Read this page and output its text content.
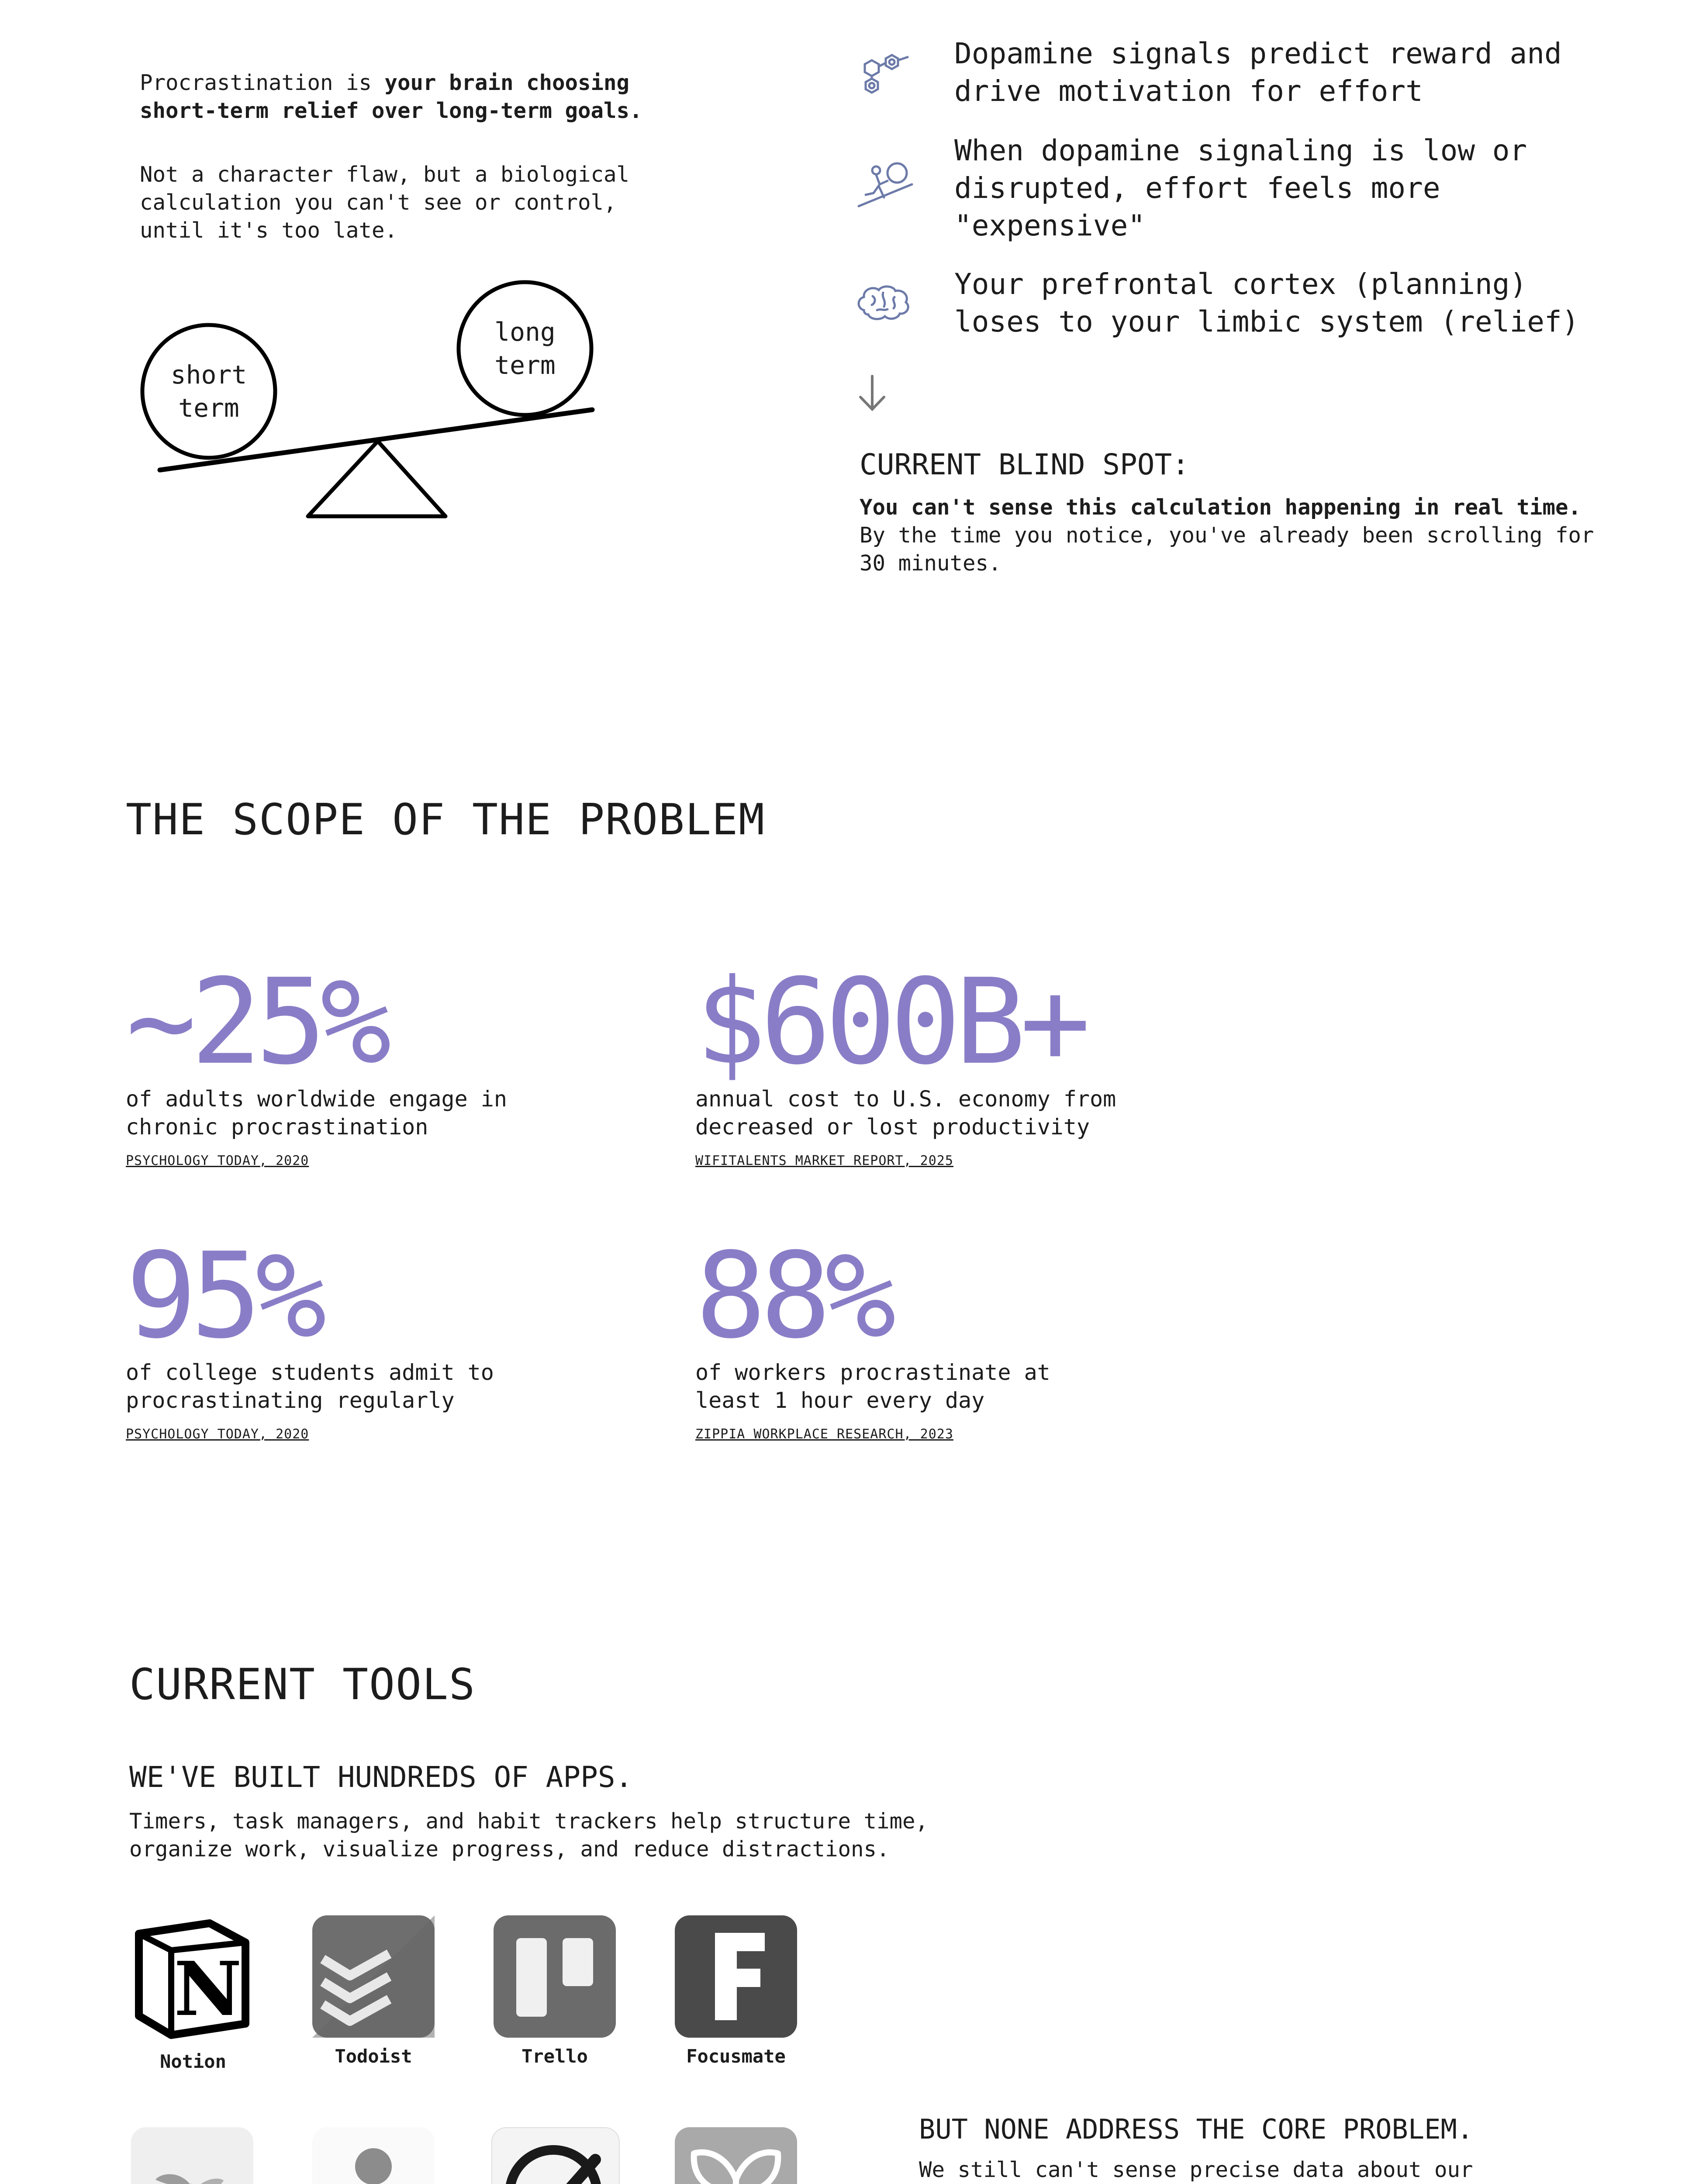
Procrastination is your brain choosing short-term relief over long-term goals.
Not a character flaw, but a biological calculation you can't see or control, until it's too late.
short term
long term
Dopamine signals predict reward and drive motivation for effort
When dopamine signaling is low or disrupted, effort feels more "expensive"
Your prefrontal cortex (planning) loses to your limbic system (relief)
CURRENT BLIND SPOT:
You can't sense this calculation happening in real time.
By the time you notice, you've already been scrolling for 30 minutes.
THE SCOPE OF THE PROBLEM
~25%
of adults worldwide engage in chronic procrastination
PSYCHOLOGY TODAY, 2020
$600B+
annual cost to U.S. economy from decreased or lost productivity
WIFITALENTS MARKET REPORT, 2025
95%
of college students admit to procrastinating regularly
PSYCHOLOGY TODAY, 2020
88%
of workers procrastinate at least 1 hour every day
ZIPPIA WORKPLACE RESEARCH, 2023
CURRENT TOOLS
WE'VE BUILT HUNDREDS OF APPS.
Timers, task managers, and habit trackers help structure time, organize work, visualize progress, and reduce distractions.
N
Notion	Todoist	Trello	Focusmate
BUT NONE ADDRESS THE CORE PROBLEM.
We still can't sense precise data about our
